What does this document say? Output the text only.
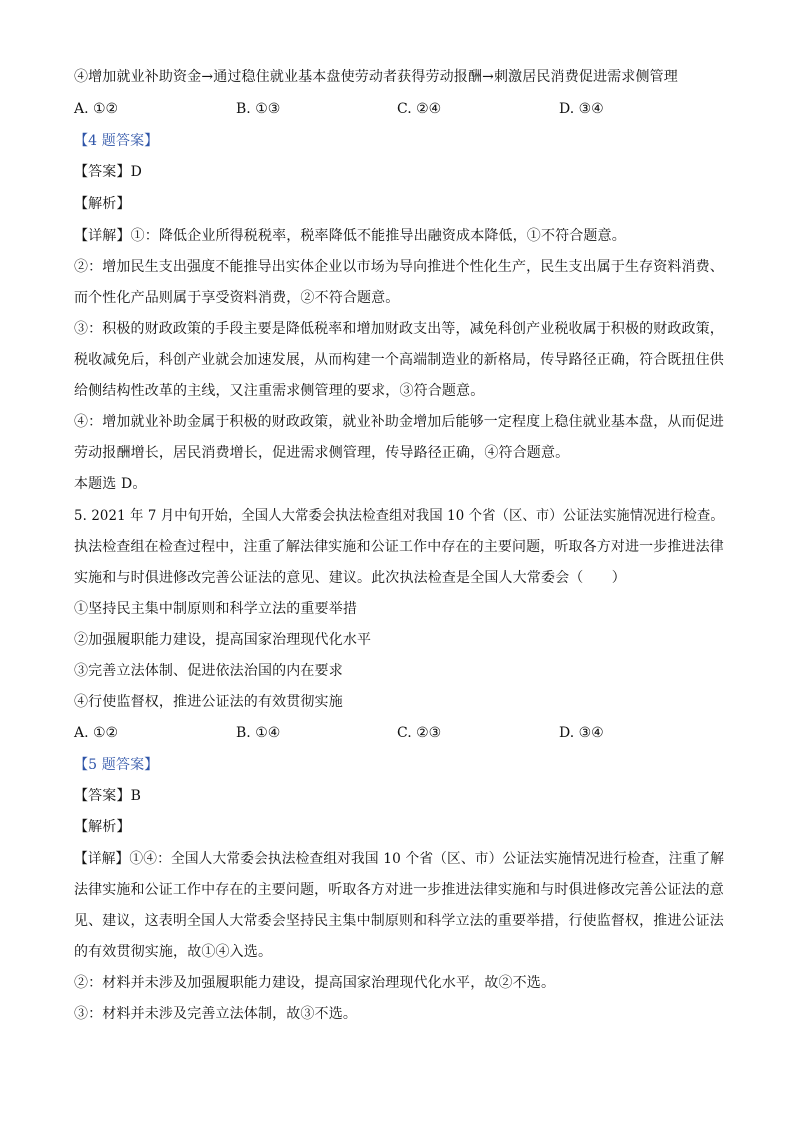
④增加就业补助资金→通过稳住就业基本盘使劳动者获得劳动报酬→刺激居民消费促进需求侧管理
A. ①②	B. ①③	C. ②④	D. ③④
【4 题答案】
【答案】D
【解析】
【详解】①：降低企业所得税税率，税率降低不能推导出融资成本降低，①不符合题意。
②：增加民生支出强度不能推导出实体企业以市场为导向推进个性化生产，民生支出属于生存资料消费、
而个性化产品则属于享受资料消费，②不符合题意。
③：积极的财政政策的手段主要是降低税率和增加财政支出等，减免科创产业税收属于积极的财政政策，
税收减免后，科创产业就会加速发展，从而构建一个高端制造业的新格局，传导路径正确，符合既扭住供
给侧结构性改革的主线，又注重需求侧管理的要求，③符合题意。
④：增加就业补助金属于积极的财政政策，就业补助金增加后能够一定程度上稳住就业基本盘，从而促进
劳动报酬增长，居民消费增长，促进需求侧管理，传导路径正确，④符合题意。
本题选 D。
5. 2021 年 7 月中旬开始，全国人大常委会执法检查组对我国 10 个省（区、市）公证法实施情况进行检查。
执法检查组在检查过程中，注重了解法律实施和公证工作中存在的主要问题，听取各方对进一步推进法律
实施和与时俱进修改完善公证法的意见、建议。此次执法检查是全国人大常委会（　　）
①坚持民主集中制原则和科学立法的重要举措
②加强履职能力建设，提高国家治理现代化水平
③完善立法体制、促进依法治国的内在要求
④行使监督权，推进公证法的有效贯彻实施
A. ①②	B. ①④	C. ②③	D. ③④
【5 题答案】
【答案】B
【解析】
【详解】①④：全国人大常委会执法检查组对我国 10 个省（区、市）公证法实施情况进行检查，注重了解
法律实施和公证工作中存在的主要问题，听取各方对进一步推进法律实施和与时俱进修改完善公证法的意
见、建议，这表明全国人大常委会坚持民主集中制原则和科学立法的重要举措，行使监督权，推进公证法
的有效贯彻实施，故①④入选。
②：材料并未涉及加强履职能力建设，提高国家治理现代化水平，故②不选。
③：材料并未涉及完善立法体制，故③不选。
